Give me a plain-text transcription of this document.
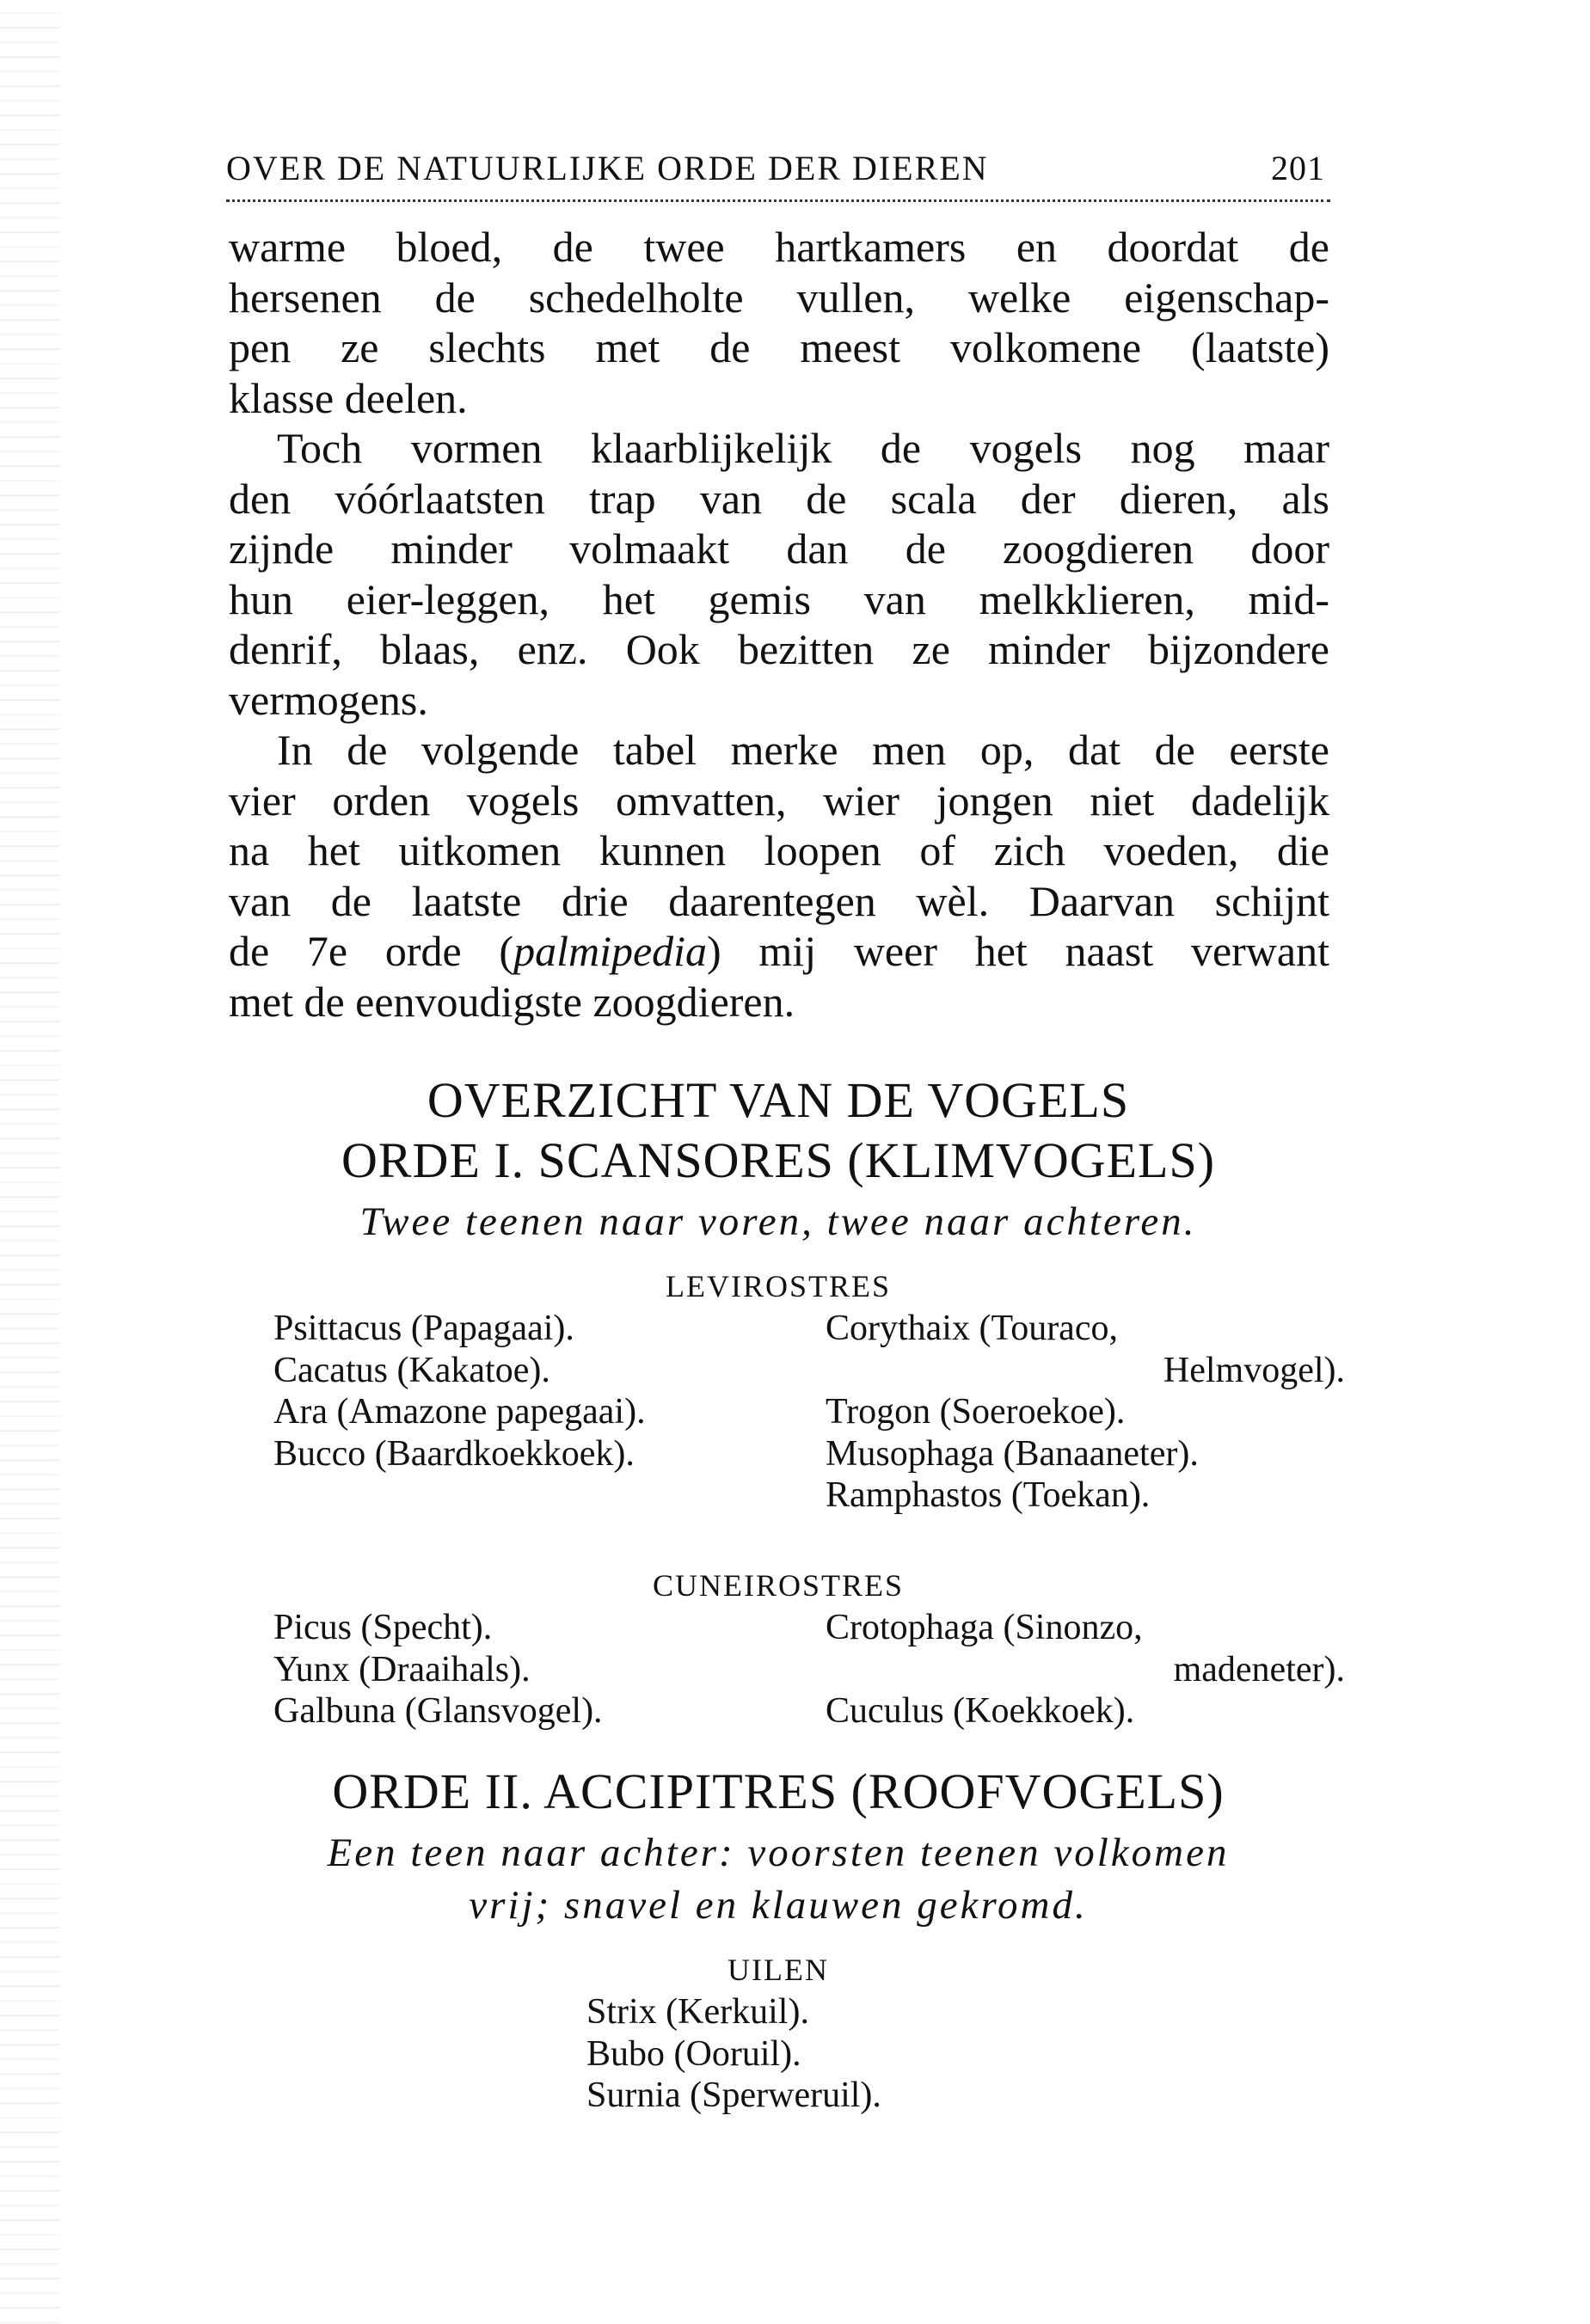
OVER DE NATUURLIJKE ORDE DER DIEREN	201
warme bloed, de twee hartkamers en doordat de
hersenen de schedelholte vullen, welke eigenschap-
pen ze slechts met de meest volkomene (laatste)
klasse deelen.
Toch vormen klaarblijkelijk de vogels nog maar
den vóórlaatsten trap van de scala der dieren, als
zijnde minder volmaakt dan de zoogdieren door
hun eier-leggen, het gemis van melkklieren, mid-
denrif, blaas, enz. Ook bezitten ze minder bijzondere
vermogens.
In de volgende tabel merke men op, dat de eerste
vier orden vogels omvatten, wier jongen niet dadelijk
na het uitkomen kunnen loopen of zich voeden, die
van de laatste drie daarentegen wèl. Daarvan schijnt
de 7e orde (palmipedia) mij weer het naast verwant
met de eenvoudigste zoogdieren.
OVERZICHT VAN DE VOGELS
ORDE I. SCANSORES (KLIMVOGELS)
Twee teenen naar voren, twee naar achteren.
LEVIROSTRES
Psittacus (Papagaai).
Cacatus (Kakatoe).
Ara (Amazone papegaai).
Bucco (Baardkoekkoek).
Corythaix (Touraco,
Helmvogel).
Trogon (Soeroekoe).
Musophaga (Banaaneter).
Ramphastos (Toekan).
CUNEIROSTRES
Picus (Specht).
Yunx (Draaihals).
Galbuna (Glansvogel).
Crotophaga (Sinonzo,
madeneter).
Cuculus (Koekkoek).
ORDE II. ACCIPITRES (ROOFVOGELS)
Een teen naar achter: voorsten teenen volkomen
vrij; snavel en klauwen gekromd.
UILEN
Strix (Kerkuil).
Bubo (Ooruil).
Surnia (Sperweruil).
